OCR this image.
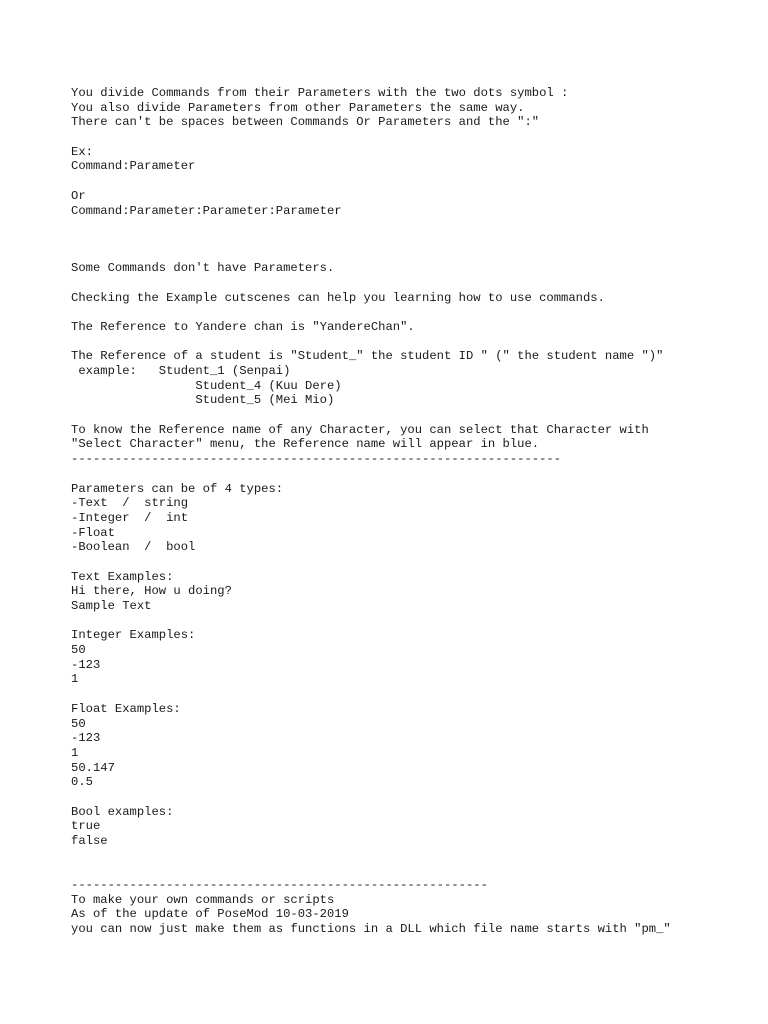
You divide Commands from their Parameters with the two dots symbol :
You also divide Parameters from other Parameters the same way.
There can't be spaces between Commands Or Parameters and the ":"
Ex:
Command:Parameter
Or
Command:Parameter:Parameter:Parameter
Some Commands don't have Parameters.
Checking the Example cutscenes can help you learning how to use commands.
The Reference to Yandere chan is "YandereChan".
The Reference of a student is "Student_" the student ID " (" the student name ")"
example:   Student_1 (Senpai)
Student_4 (Kuu Dere)
Student_5 (Mei Mio)
To know the Reference name of any Character, you can select that Character with
"Select Character" menu, the Reference name will appear in blue.
-------------------------------------------------------------------
Parameters can be of 4 types:
-Text  /  string
-Integer  /  int
-Float
-Boolean  /  bool
Text Examples:
Hi there, How u doing?
Sample Text
Integer Examples:
50
-123
1
Float Examples:
50
-123
1
50.147
0.5
Bool examples:
true
false
---------------------------------------------------------
To make your own commands or scripts
As of the update of PoseMod 10-03-2019
you can now just make them as functions in a DLL which file name starts with "pm_"
